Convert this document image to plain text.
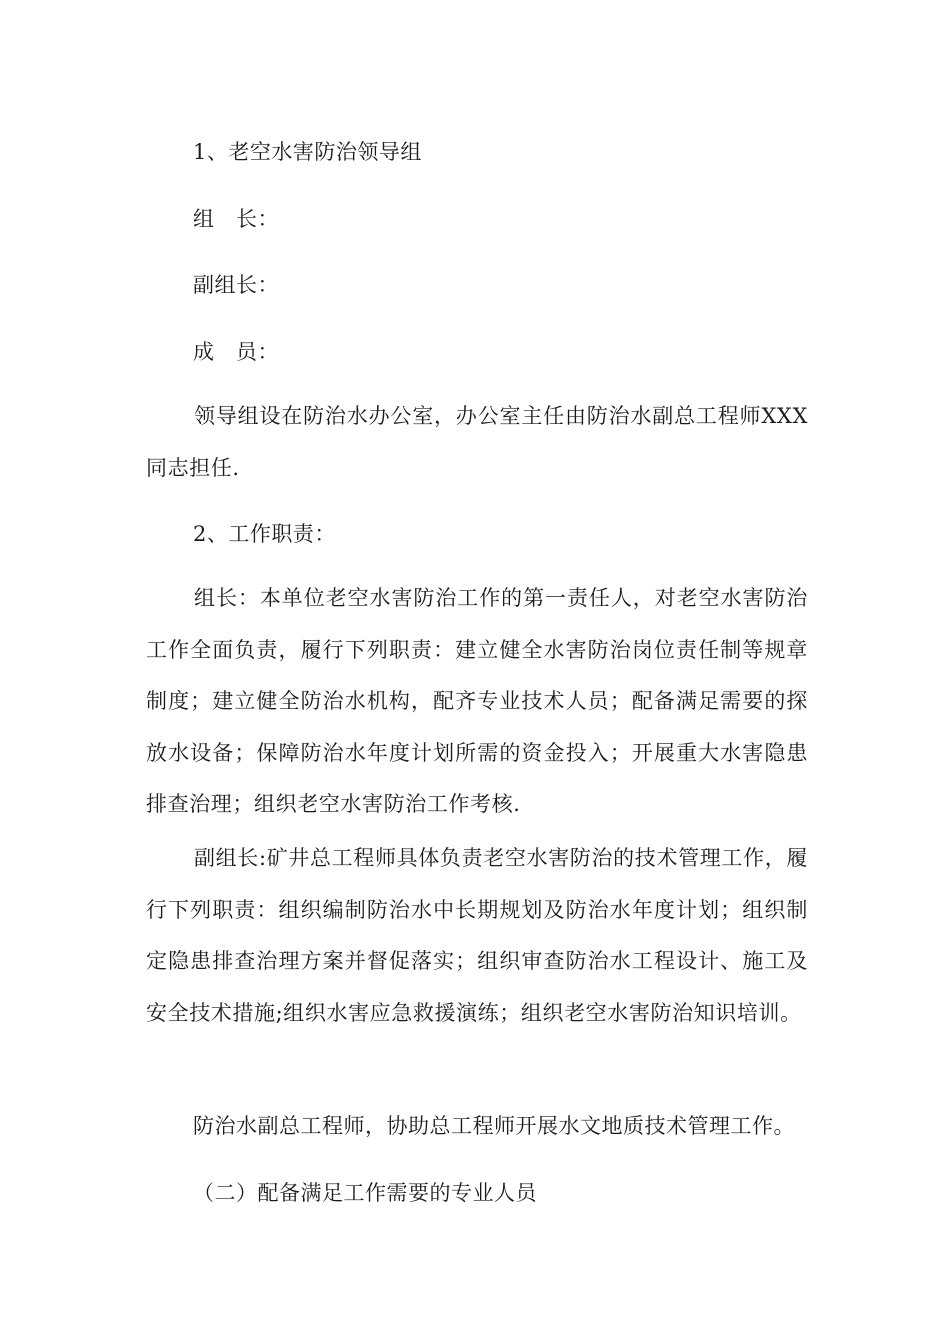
1、老空水害防治领导组
组　长：
副组长：
成　员：
领导组设在防治水办公室，办公室主任由防治水副总工程师XXX同志担任.
2、工作职责：
组长：本单位老空水害防治工作的第一责任人，对老空水害防治工作全面负责，履行下列职责：建立健全水害防治岗位责任制等规章制度；建立健全防治水机构，配齐专业技术人员；配备满足需要的探放水设备；保障防治水年度计划所需的资金投入；开展重大水害隐患排查治理；组织老空水害防治工作考核.
副组长:矿井总工程师具体负责老空水害防治的技术管理工作，履行下列职责：组织编制防治水中长期规划及防治水年度计划；组织制定隐患排查治理方案并督促落实；组织审查防治水工程设计、施工及安全技术措施;组织水害应急救援演练；组织老空水害防治知识培训。
防治水副总工程师，协助总工程师开展水文地质技术管理工作。
（二）配备满足工作需要的专业人员
